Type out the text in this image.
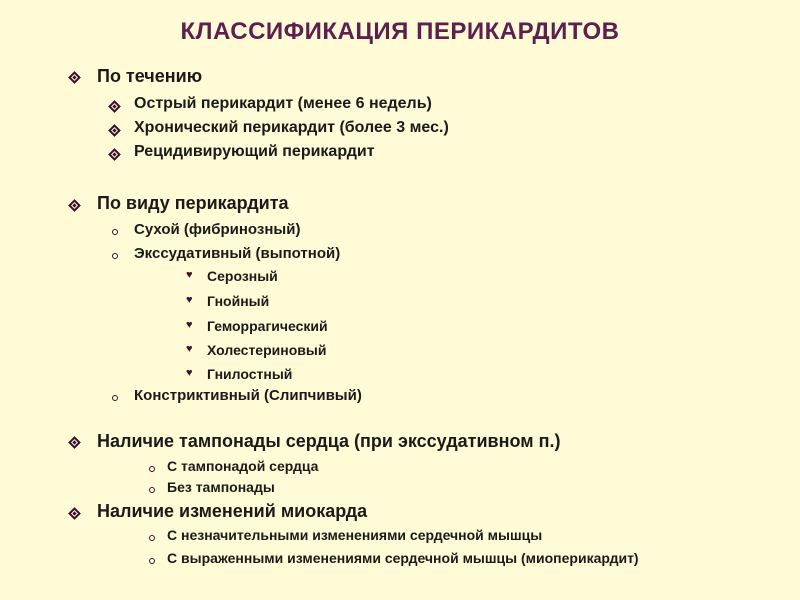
КЛАССИФИКАЦИЯ ПЕРИКАРДИТОВ
По течению
Острый перикардит (менее 6 недель)
Хронический перикардит (более 3 мес.)
Рецидивирующий перикардит
По виду перикардита
Сухой (фибринозный)
Экссудативный (выпотной)
♥ Серозный
♥ Гнойный
♥ Геморрагический
♥ Холестериновый
♥ Гнилостный
Констриктивный (Слипчивый)
Наличие тампонады сердца (при экссудативном п.)
С тампонадой сердца
Без тампонады
Наличие изменений миокарда
С незначительными изменениями сердечной мышцы
С выраженными изменениями сердечной мышцы (миоперикардит)
